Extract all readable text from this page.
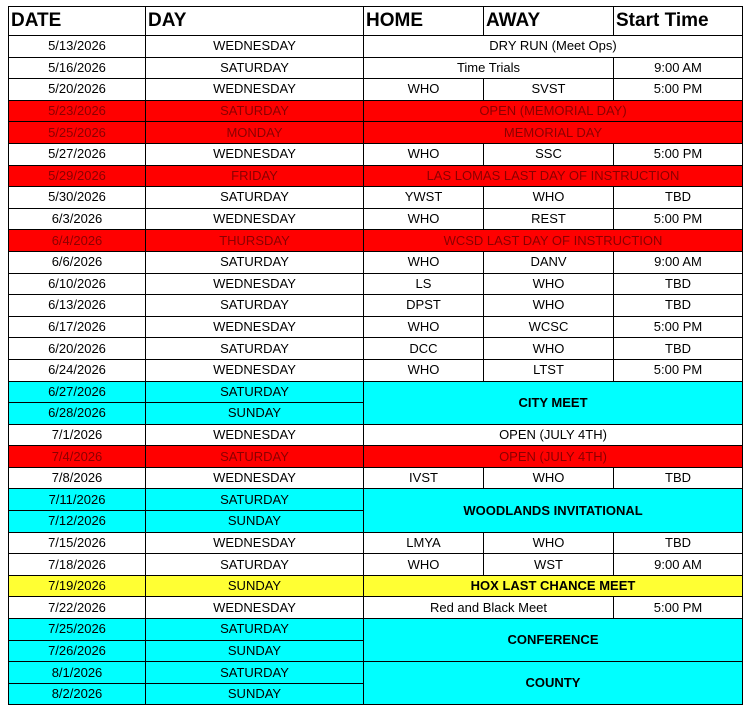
DATE	DAY	HOME	AWAY	Start Time
5/13/2026	WEDNESDAY	DRY RUN (Meet Ops)		
5/16/2026	SATURDAY	Time Trials		9:00 AM
5/20/2026	WEDNESDAY	WHO	SVST	5:00 PM
5/23/2026	SATURDAY	OPEN (MEMORIAL DAY)		
5/25/2026	MONDAY	MEMORIAL DAY		
5/27/2026	WEDNESDAY	WHO	SSC	5:00 PM
5/29/2026	FRIDAY	LAS LOMAS LAST DAY OF INSTRUCTION		
5/30/2026	SATURDAY	YWST	WHO	TBD
6/3/2026	WEDNESDAY	WHO	REST	5:00 PM
6/4/2026	THURSDAY	WCSD LAST DAY OF INSTRUCTION		
6/6/2026	SATURDAY	WHO	DANV	9:00 AM
6/10/2026	WEDNESDAY	LS	WHO	TBD
6/13/2026	SATURDAY	DPST	WHO	TBD
6/17/2026	WEDNESDAY	WHO	WCSC	5:00 PM
6/20/2026	SATURDAY	DCC	WHO	TBD
6/24/2026	WEDNESDAY	WHO	LTST	5:00 PM
6/27/2026	SATURDAY	CITY MEET		
6/28/2026	SUNDAY			
7/1/2026	WEDNESDAY	OPEN (JULY 4TH)		
7/4/2026	SATURDAY	OPEN (JULY 4TH)		
7/8/2026	WEDNESDAY	IVST	WHO	TBD
7/11/2026	SATURDAY	WOODLANDS INVITATIONAL		
7/12/2026	SUNDAY			
7/15/2026	WEDNESDAY	LMYA	WHO	TBD
7/18/2026	SATURDAY	WHO	WST	9:00 AM
7/19/2026	SUNDAY	HOX LAST CHANCE MEET		
7/22/2026	WEDNESDAY	Red and Black Meet		5:00 PM
7/25/2026	SATURDAY	CONFERENCE		
7/26/2026	SUNDAY			
8/1/2026	SATURDAY	COUNTY		
8/2/2026	SUNDAY			
